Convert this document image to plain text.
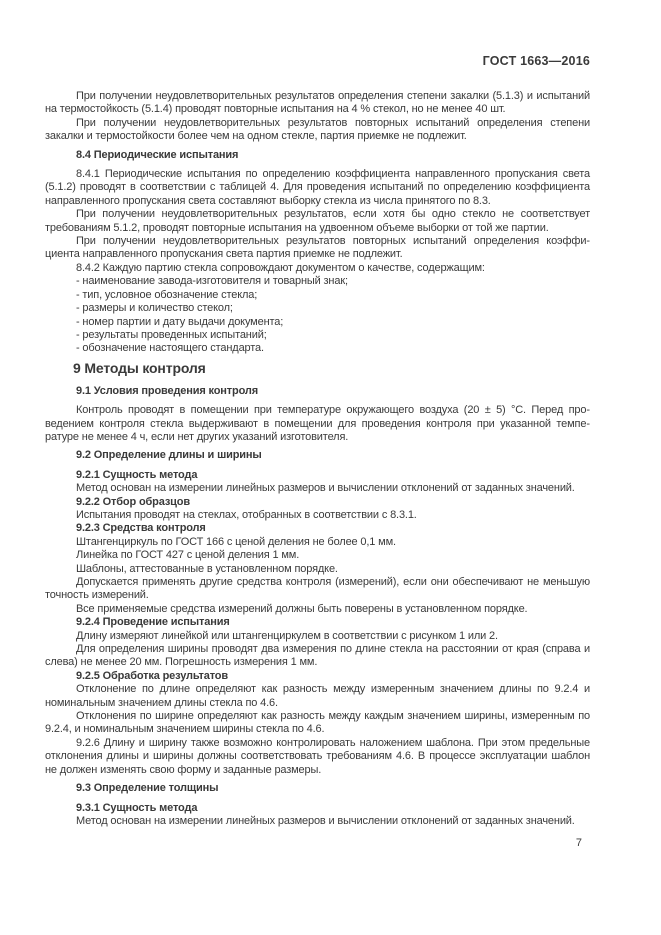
ГОСТ 1663—2016
При получении неудовлетворительных результатов определения степени закалки (5.1.3) и испытаний на термостойкость (5.1.4) проводят повторные испытания на 4 % стекол, но не менее 40 шт.
При получении неудовлетворительных результатов повторных испытаний определения степени закалки и термостойкости более чем на одном стекле, партия приемке не подлежит.
8.4 Периодические испытания
8.4.1 Периодические испытания по определению коэффициента направленного пропускания света (5.1.2) проводят в соответствии с таблицей 4. Для проведения испытаний по определению коэффициента направленного пропускания света составляют выборку стекла из числа принятого по 8.3.
При получении неудовлетворительных результатов, если хотя бы одно стекло не соответствует требованиям 5.1.2, проводят повторные испытания на удвоенном объеме выборки от той же партии.
При получении неудовлетворительных результатов повторных испытаний определения коэффициента направленного пропускания света партия приемке не подлежит.
8.4.2 Каждую партию стекла сопровождают документом о качестве, содержащим:
- наименование завода-изготовителя и товарный знак;
- тип, условное обозначение стекла;
- размеры и количество стекол;
- номер партии и дату выдачи документа;
- результаты проведенных испытаний;
- обозначение настоящего стандарта.
9 Методы контроля
9.1 Условия проведения контроля
Контроль проводят в помещении при температуре окружающего воздуха (20 ± 5) °С. Перед проведением контроля стекла выдерживают в помещении для проведения контроля при указанной температуре не менее 4 ч, если нет других указаний изготовителя.
9.2 Определение длины и ширины
9.2.1 Сущность метода
Метод основан на измерении линейных размеров и вычислении отклонений от заданных значений.
9.2.2 Отбор образцов
Испытания проводят на стеклах, отобранных в соответствии с 8.3.1.
9.2.3 Средства контроля
Штангенциркуль по ГОСТ 166 с ценой деления не более 0,1 мм.
Линейка по ГОСТ 427 с ценой деления 1 мм.
Шаблоны, аттестованные в установленном порядке.
Допускается применять другие средства контроля (измерений), если они обеспечивают не меньшую точность измерений.
Все применяемые средства измерений должны быть поверены в установленном порядке.
9.2.4 Проведение испытания
Длину измеряют линейкой или штангенциркулем в соответствии с рисунком 1 или 2.
Для определения ширины проводят два измерения по длине стекла на расстоянии от края (справа и слева) не менее 20 мм. Погрешность измерения 1 мм.
9.2.5 Обработка результатов
Отклонение по длине определяют как разность между измеренным значением длины по 9.2.4 и номинальным значением длины стекла по 4.6.
Отклонения по ширине определяют как разность между каждым значением ширины, измеренным по 9.2.4, и номинальным значением ширины стекла по 4.6.
9.2.6 Длину и ширину также возможно контролировать наложением шаблона. При этом предельные отклонения длины и ширины должны соответствовать требованиям 4.6. В процессе эксплуатации шаблон не должен изменять свою форму и заданные размеры.
9.3 Определение толщины
9.3.1 Сущность метода
Метод основан на измерении линейных размеров и вычислении отклонений от заданных значений.
7
